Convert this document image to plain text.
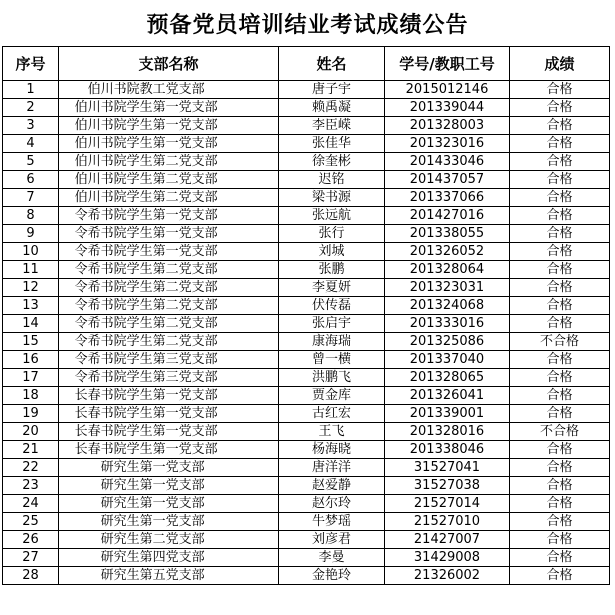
预备党员培训结业考试成绩公告
序号	支部名称	姓名	学号/教职工号	成绩
1	伯川书院教工党支部	唐子宇	2015012146	合格
2	伯川书院学生第一党支部	赖禹凝	201339044	合格
3	伯川书院学生第一党支部	李臣嵘	201328003	合格
4	伯川书院学生第一党支部	张佳华	201323016	合格
5	伯川书院学生第二党支部	徐奎彬	201433046	合格
6	伯川书院学生第二党支部	迟铭	201437057	合格
7	伯川书院学生第二党支部	梁书源	201337066	合格
8	令希书院学生第一党支部	张远航	201427016	合格
9	令希书院学生第一党支部	张行	201338055	合格
10	令希书院学生第一党支部	刘城	201326052	合格
11	令希书院学生第二党支部	张鹏	201328064	合格
12	令希书院学生第二党支部	李夏妍	201323031	合格
13	令希书院学生第二党支部	伏传磊	201324068	合格
14	令希书院学生第二党支部	张启宇	201333016	合格
15	令希书院学生第二党支部	康海瑞	201325086	不合格
16	令希书院学生第三党支部	曾一横	201337040	合格
17	令希书院学生第三党支部	洪鹏飞	201328065	合格
18	长春书院学生第一党支部	贾金库	201326041	合格
19	长春书院学生第一党支部	古红宏	201339001	合格
20	长春书院学生第一党支部	王飞	201328016	不合格
21	长春书院学生第一党支部	杨海晓	201338046	合格
22	研究生第一党支部	唐洋洋	31527041	合格
23	研究生第一党支部	赵爱静	31527038	合格
24	研究生第一党支部	赵尔玲	21527014	合格
25	研究生第一党支部	牛梦瑶	21527010	合格
26	研究生第二党支部	刘彦君	21427007	合格
27	研究生第四党支部	李曼	31429008	合格
28	研究生第五党支部	金艳玲	21326002	合格
